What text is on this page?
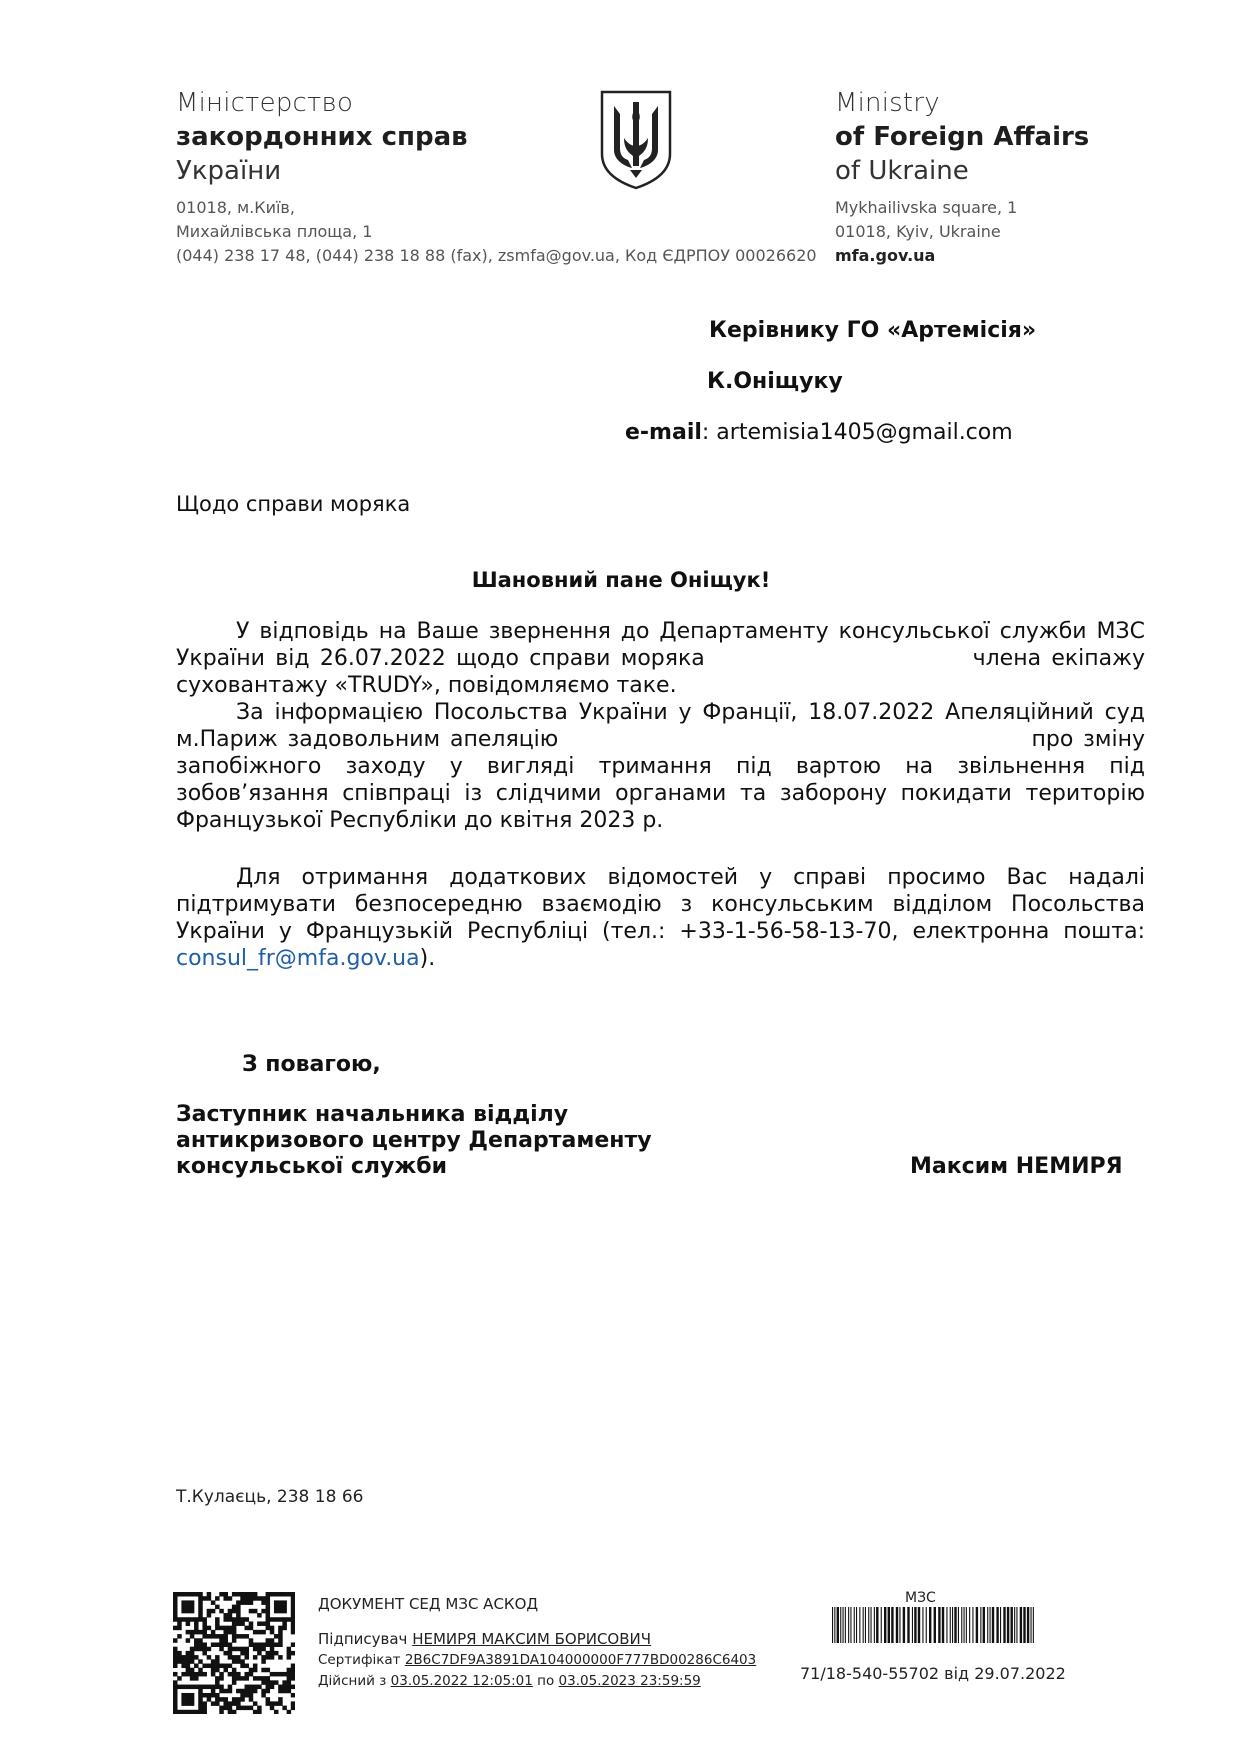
Міністерство
закордонних справ
України
01018, м.Київ,
Михайлівська площа, 1
(044) 238 17 48, (044) 238 18 88 (fax), zsmfa@gov.ua, Код ЄДРПОУ 00026620
Ministry
of Foreign Affairs
of Ukraine
Mykhailivska square, 1
01018, Kyiv, Ukraine
mfa.gov.ua
Керівнику ГО «Артемісія»
К.Оніщуку
e-mail: artemisia1405@gmail.com
Щодо справи моряка
Шановний пане Оніщук!

У відповідь на Ваше звернення до Департаменту консульської служби МЗС України від 26.07.2022 щодо справи моряка                          члена екіпажу суховантажу «TRUDY», повідомляємо таке.

За інформацією Посольства України у Франції, 18.07.2022 Апеляційний суд м.Париж задовольним апеляцію                                                про зміну запобіжного заходу у вигляді тримання під вартою на звільнення під зобов’язання співпраці із слідчими органами та заборону покидати територію Французької Республіки до квітня 2023 р.

Для отримання додаткових відомостей у справі просимо Вас надалі підтримувати безпосередню взаємодію з консульським відділом Посольства України у Французькій Республіці (тел.: +33-1-56-58-13-70, електронна пошта: consul_fr@mfa.gov.ua).

З повагою,
Заступник начальника відділу
антикризового центру Департаменту
консульської служби	Максим НЕМИРЯ
Т.Кулаєць, 238 18 66
ДОКУМЕНТ СЕД МЗС АСКОД
Підписувач НЕМИРЯ МАКСИМ БОРИСОВИЧ
Сертифікат 2B6C7DF9A3891DA104000000F777BD00286C6403
Дійсний з 03.05.2022 12:05:01 по 03.05.2023 23:59:59
МЗС
71/18-540-55702 від 29.07.2022
